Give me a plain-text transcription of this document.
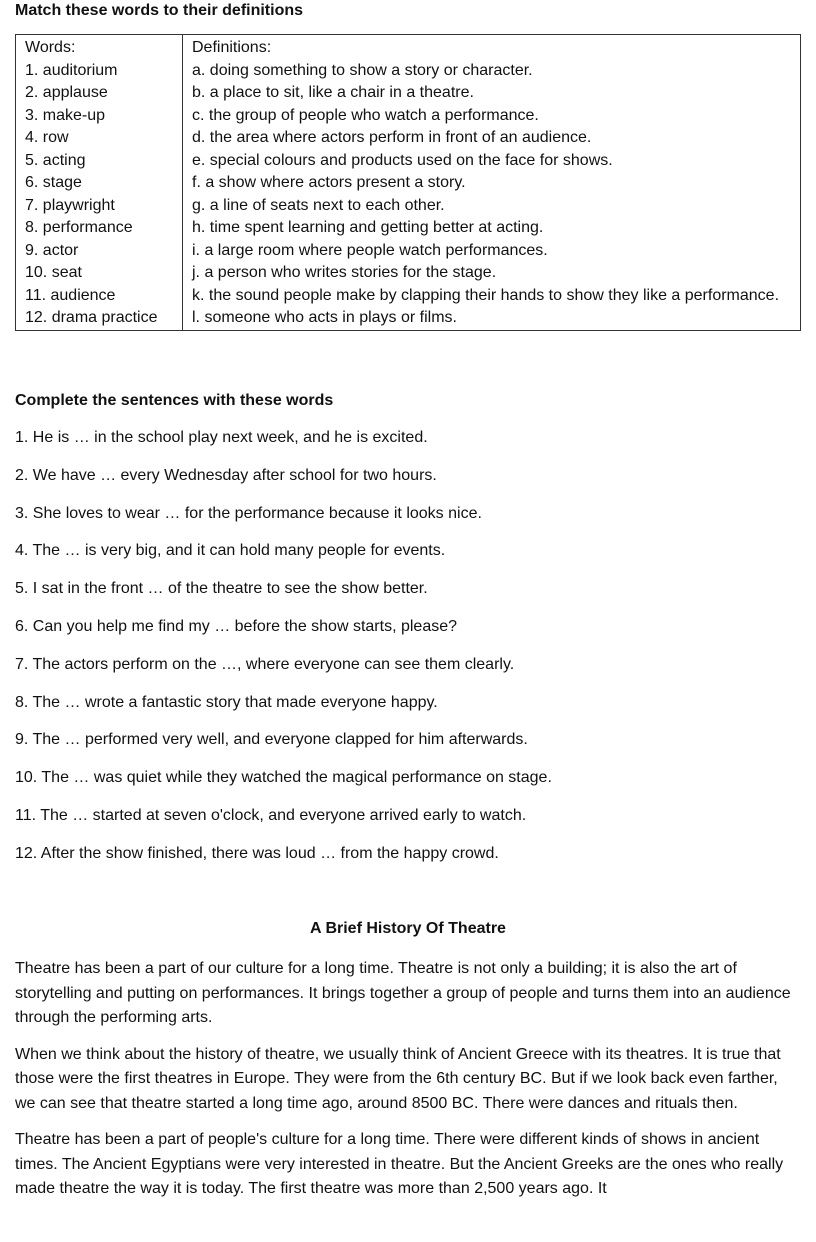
Match these words to their definitions
Words:
1. auditorium
2. applause
3. make-up
4. row
5. acting
6. stage
7. playwright
8. performance
9. actor
10. seat
11. audience
12. drama practice

Definitions:
a. doing something to show a story or character.
b. a place to sit, like a chair in a theatre.
c. the group of people who watch a performance.
d. the area where actors perform in front of an audience.
e. special colours and products used on the face for shows.
f. a show where actors present a story.
g. a line of seats next to each other.
h. time spent learning and getting better at acting.
i. a large room where people watch performances.
j. a person who writes stories for the stage.
k. the sound people make by clapping their hands to show they like a performance.
l. someone who acts in plays or films.
Complete the sentences with these words
1. He is … in the school play next week, and he is excited.
2. We have … every Wednesday after school for two hours.
3. She loves to wear … for the performance because it looks nice.
4. The … is very big, and it can hold many people for events.
5. I sat in the front … of the theatre to see the show better.
6. Can you help me find my … before the show starts, please?
7. The actors perform on the …, where everyone can see them clearly.
8. The … wrote a fantastic story that made everyone happy.
9. The … performed very well, and everyone clapped for him afterwards.
10. The … was quiet while they watched the magical performance on stage.
11. The … started at seven o'clock, and everyone arrived early to watch.
12. After the show finished, there was loud … from the happy crowd.
A Brief History Of Theatre

Theatre has been a part of our culture for a long time. Theatre is not only a building; it is also the art of storytelling and putting on performances. It brings together a group of people and turns them into an audience through the performing arts.

When we think about the history of theatre, we usually think of Ancient Greece with its theatres. It is true that those were the first theatres in Europe. They were from the 6th century BC. But if we look back even farther, we can see that theatre started a long time ago, around 8500 BC. There were dances and rituals then.

Theatre has been a part of people's culture for a long time. There were different kinds of shows in ancient times. The Ancient Egyptians were very interested in theatre. But the Ancient Greeks are the ones who really made theatre the way it is today. The first theatre was more than 2,500 years ago. It
